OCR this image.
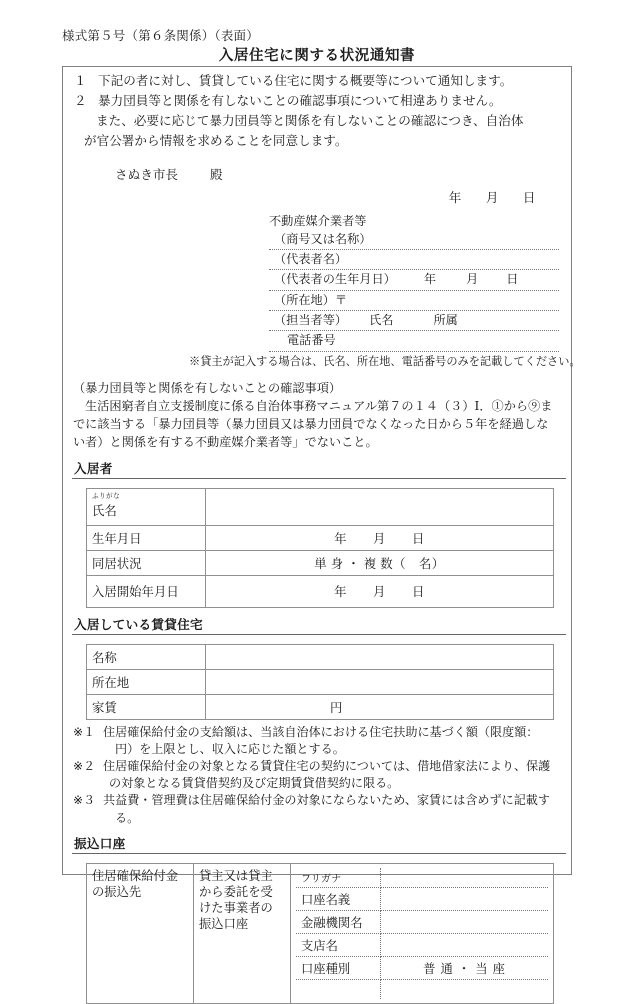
様式第５号（第６条関係）（表面）
入居住宅に関する状況通知書
１ 下記の者に対し、賃貸している住宅に関する概要等について通知します。
２ 暴力団員等と関係を有しないことの確認事項について相違ありません。
また、必要に応じて暴力団員等と関係を有しないことの確認につき、自治体
が官公署から情報を求めることを同意します。
さぬき市長	殿
年 月 日
不動産媒介業者等
（商号又は名称）
（代表者名）
（代表者の生年月日） 年 月 日
（所在地）〒
（担当者等） 氏名	所属
電話番号
※貸主が記入する場合は、氏名、所在地、電話番号のみを記載してください。
（暴力団員等と関係を有しないことの確認事項）
生活困窮者自立支援制度に係る自治体事務マニュアル第７の１４（３）Ⅰ．①から⑨ま
でに該当する「暴力団員等（暴力団員又は暴力団員でなくなった日から５年を経過しな
い者）と関係を有する不動産媒介業者等」でないこと。
入居者
ふりがな
氏名	
生年月日	年 月 日
同居状況	単 身 ・ 複 数（　名）
入居開始年月日	年 月 日
入居している賃貸住宅
名称	
所在地	
家賃	円
※１ 住居確保給付金の支給額は、当該自治体における住宅扶助に基づく額（限度額：
円）を上限とし、収入に応じた額とする。
※２ 住居確保給付金の対象となる賃貸住宅の契約については、借地借家法により、保護
の対象となる賃貸借契約及び定期賃貸借契約に限る。
※３ 共益費・管理費は住居確保給付金の対象にならないため、家賃には含めずに記載す
る。
振込口座
住居確保給付金の振込先	貸主又は貸主から委託を受けた事業者の振込口座	
フリガナ	
口座名義	
金融機関名	
支店名	
口座種別	普 通 ・ 当 座
